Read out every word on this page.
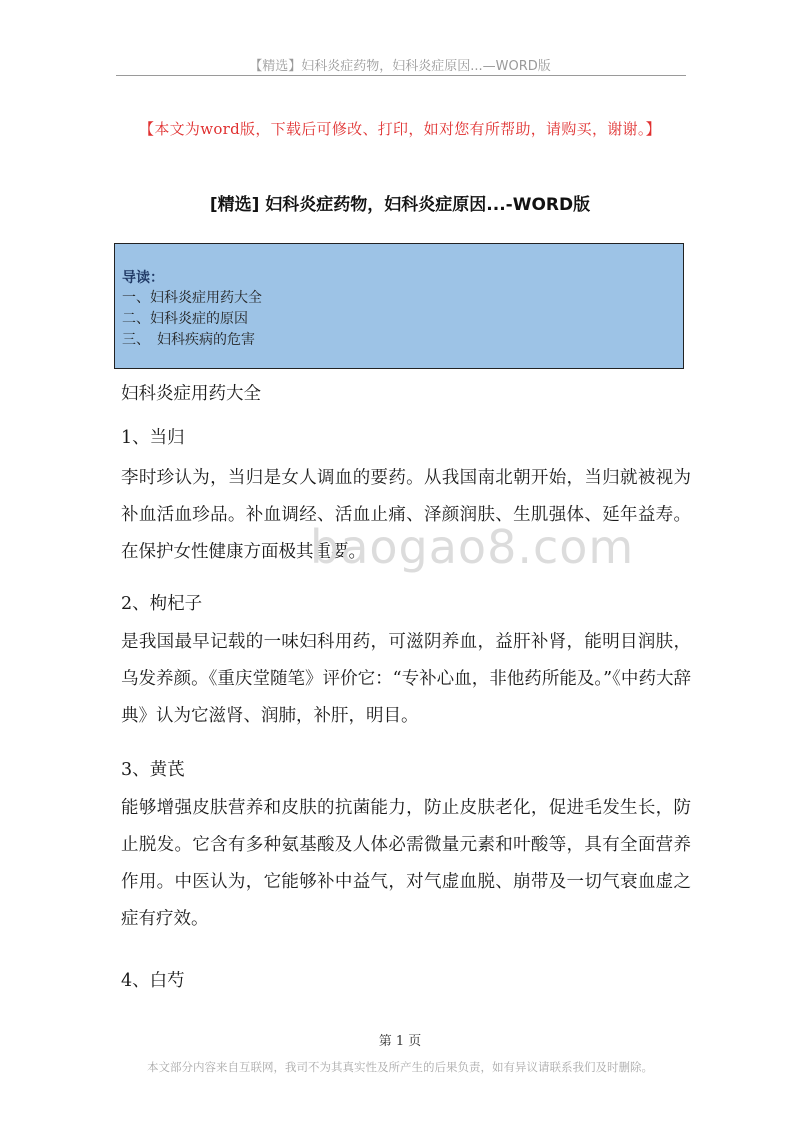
【精选】妇科炎症药物，妇科炎症原因...—WORD版
【本文为word版，下载后可修改、打印，如对您有所帮助，请购买，谢谢。】
[精选] 妇科炎症药物，妇科炎症原因...-WORD版
导读：
一、妇科炎症用药大全
二、妇科炎症的原因
三、　妇科疾病的危害
妇科炎症用药大全
1、当归
李时珍认为，当归是女人调血的要药。从我国南北朝开始，当归就被视为补血活血珍品。补血调经、活血止痛、泽颜润肤、生肌强体、延年益寿。在保护女性健康方面极其重要。
2、枸杞子
是我国最早记载的一味妇科用药，可滋阴养血，益肝补肾，能明目润肤，乌发养颜。《重庆堂随笔》评价它：“专补心血，非他药所能及。”《中药大辞典》认为它滋肾、润肺，补肝，明目。
3、黄芪
能够增强皮肤营养和皮肤的抗菌能力，防止皮肤老化，促进毛发生长，防止脱发。它含有多种氨基酸及人体必需微量元素和叶酸等，具有全面营养作用。中医认为，它能够补中益气，对气虚血脱、崩带及一切气衰血虚之症有疗效。
4、白芍
baogao8.com
第 1 页
本文部分内容来自互联网，我司不为其真实性及所产生的后果负责，如有异议请联系我们及时删除。
